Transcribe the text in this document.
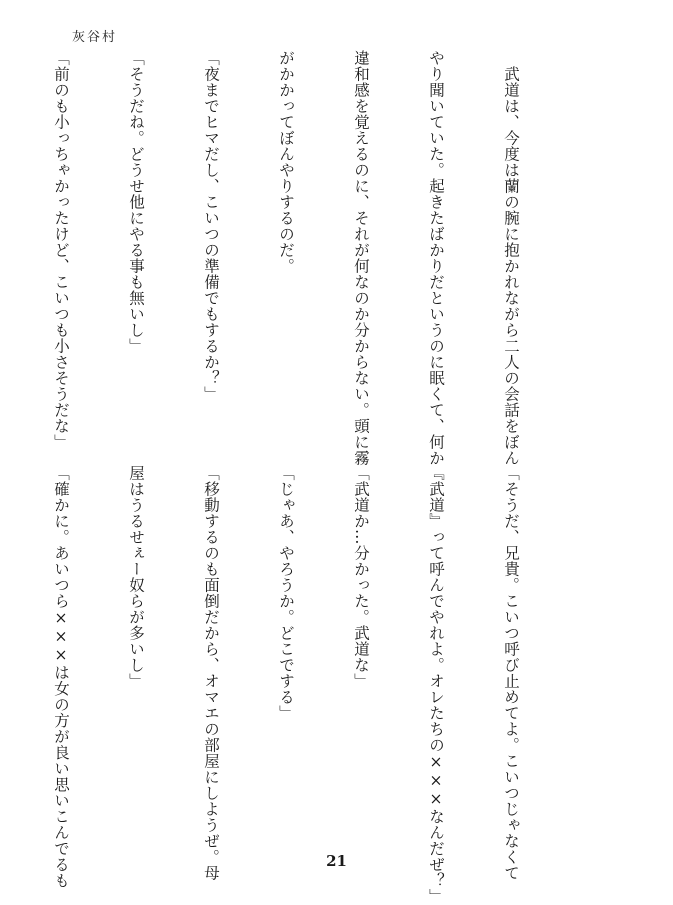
灰谷村

　武道は、今度は蘭の腕に抱かれながら二人の会話をぼん

やり聞いていた。起きたばかりだというのに眠くて、何か

違和感を覚えるのに、それが何なのか分からない。頭に霧

がかかってぼんやりするのだ。

「夜までヒマだし、こいつの準備でもするか？」

「そうだね。どうせ他にやる事も無いし」

「前のも小っちゃかったけど、こいつも小さそうだな」

「そうだ、兄貴。こいつ呼び止めてよ。こいつじゃなくて

『武道』って呼んでやれよ。オレたちの×××なんだぜ？」

「武道か…分かった。武道な」

「じゃあ、やろうか。どこでする」

「移動するのも面倒だから、オマエの部屋にしようぜ。母

屋はうるせぇー奴らが多いし」

「確かに。あいつら×××は女の方が良い思いこんでるも

	21
